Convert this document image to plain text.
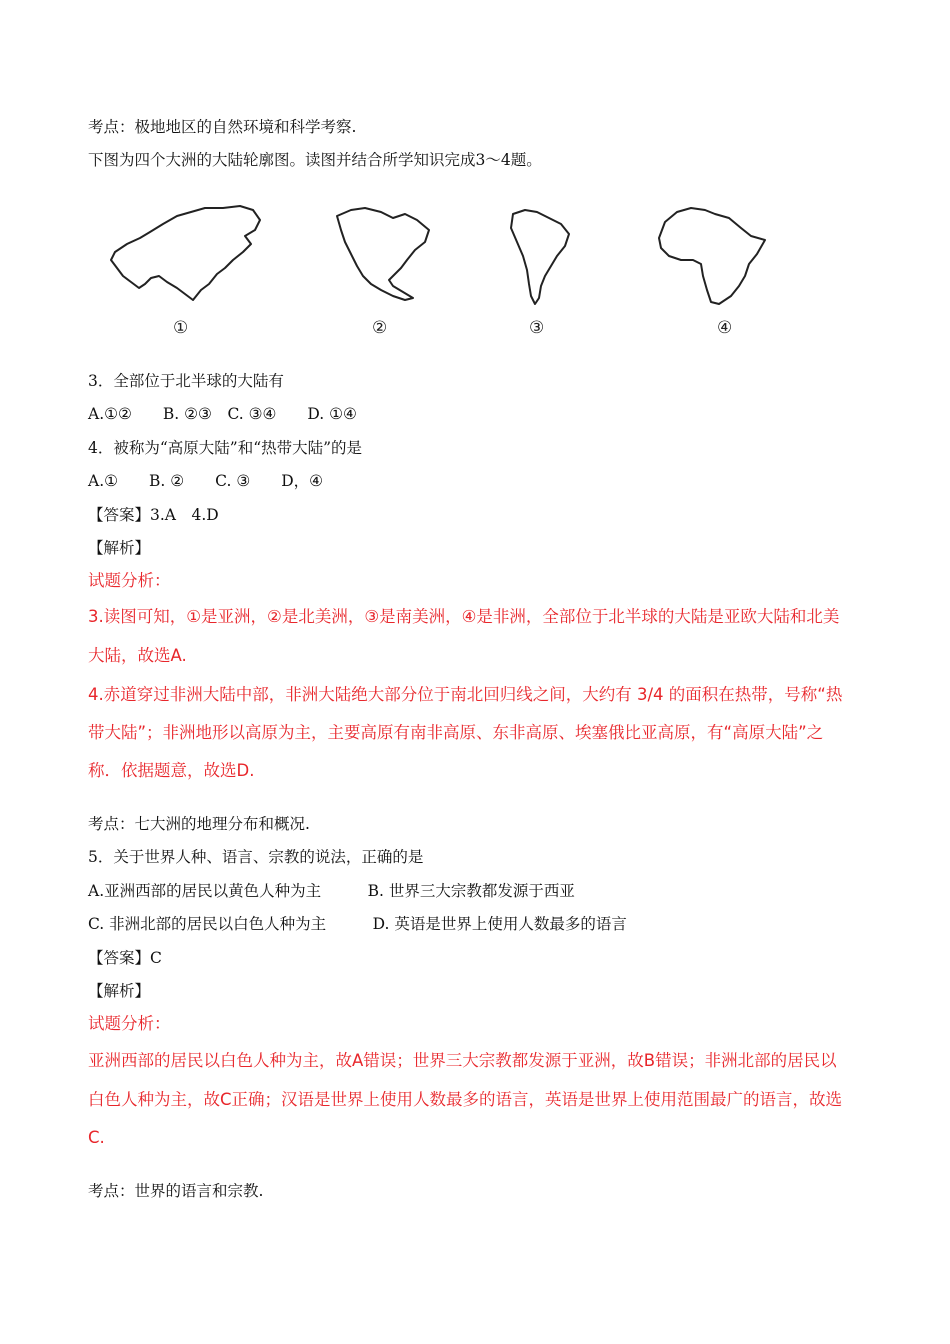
考点：极地地区的自然环境和科学考察.
下图为四个大洲的大陆轮廓图。读图并结合所学知识完成3～4题。
①	②	③	④
3．全部位于北半球的大陆有
A.①②　　B. ②③　C. ③④　　D. ①④
4．被称为“高原大陆”和“热带大陆”的是
A.①　　B. ②　　C. ③　　D，④
【答案】3.A　4.D
【解析】
试题分析：
3.读图可知，①是亚洲，②是北美洲，③是南美洲，④是非洲，全部位于北半球的大陆是亚欧大陆和北美
大陆，故选A.
4.赤道穿过非洲大陆中部，非洲大陆绝大部分位于南北回归线之间，大约有 3/4 的面积在热带，号称“热
带大陆”；非洲地形以高原为主，主要高原有南非高原、东非高原、埃塞俄比亚高原，有“高原大陆”之
称．依据题意，故选D.
考点：七大洲的地理分布和概况.
5．关于世界人种、语言、宗教的说法，正确的是
A.亚洲西部的居民以黄色人种为主　　　B. 世界三大宗教都发源于西亚
C. 非洲北部的居民以白色人种为主　　　D. 英语是世界上使用人数最多的语言
【答案】C
【解析】
试题分析：
亚洲西部的居民以白色人种为主，故A错误；世界三大宗教都发源于亚洲，故B错误；非洲北部的居民以
白色人种为主，故C正确；汉语是世界上使用人数最多的语言，英语是世界上使用范围最广的语言，故选
C.
考点：世界的语言和宗教.
